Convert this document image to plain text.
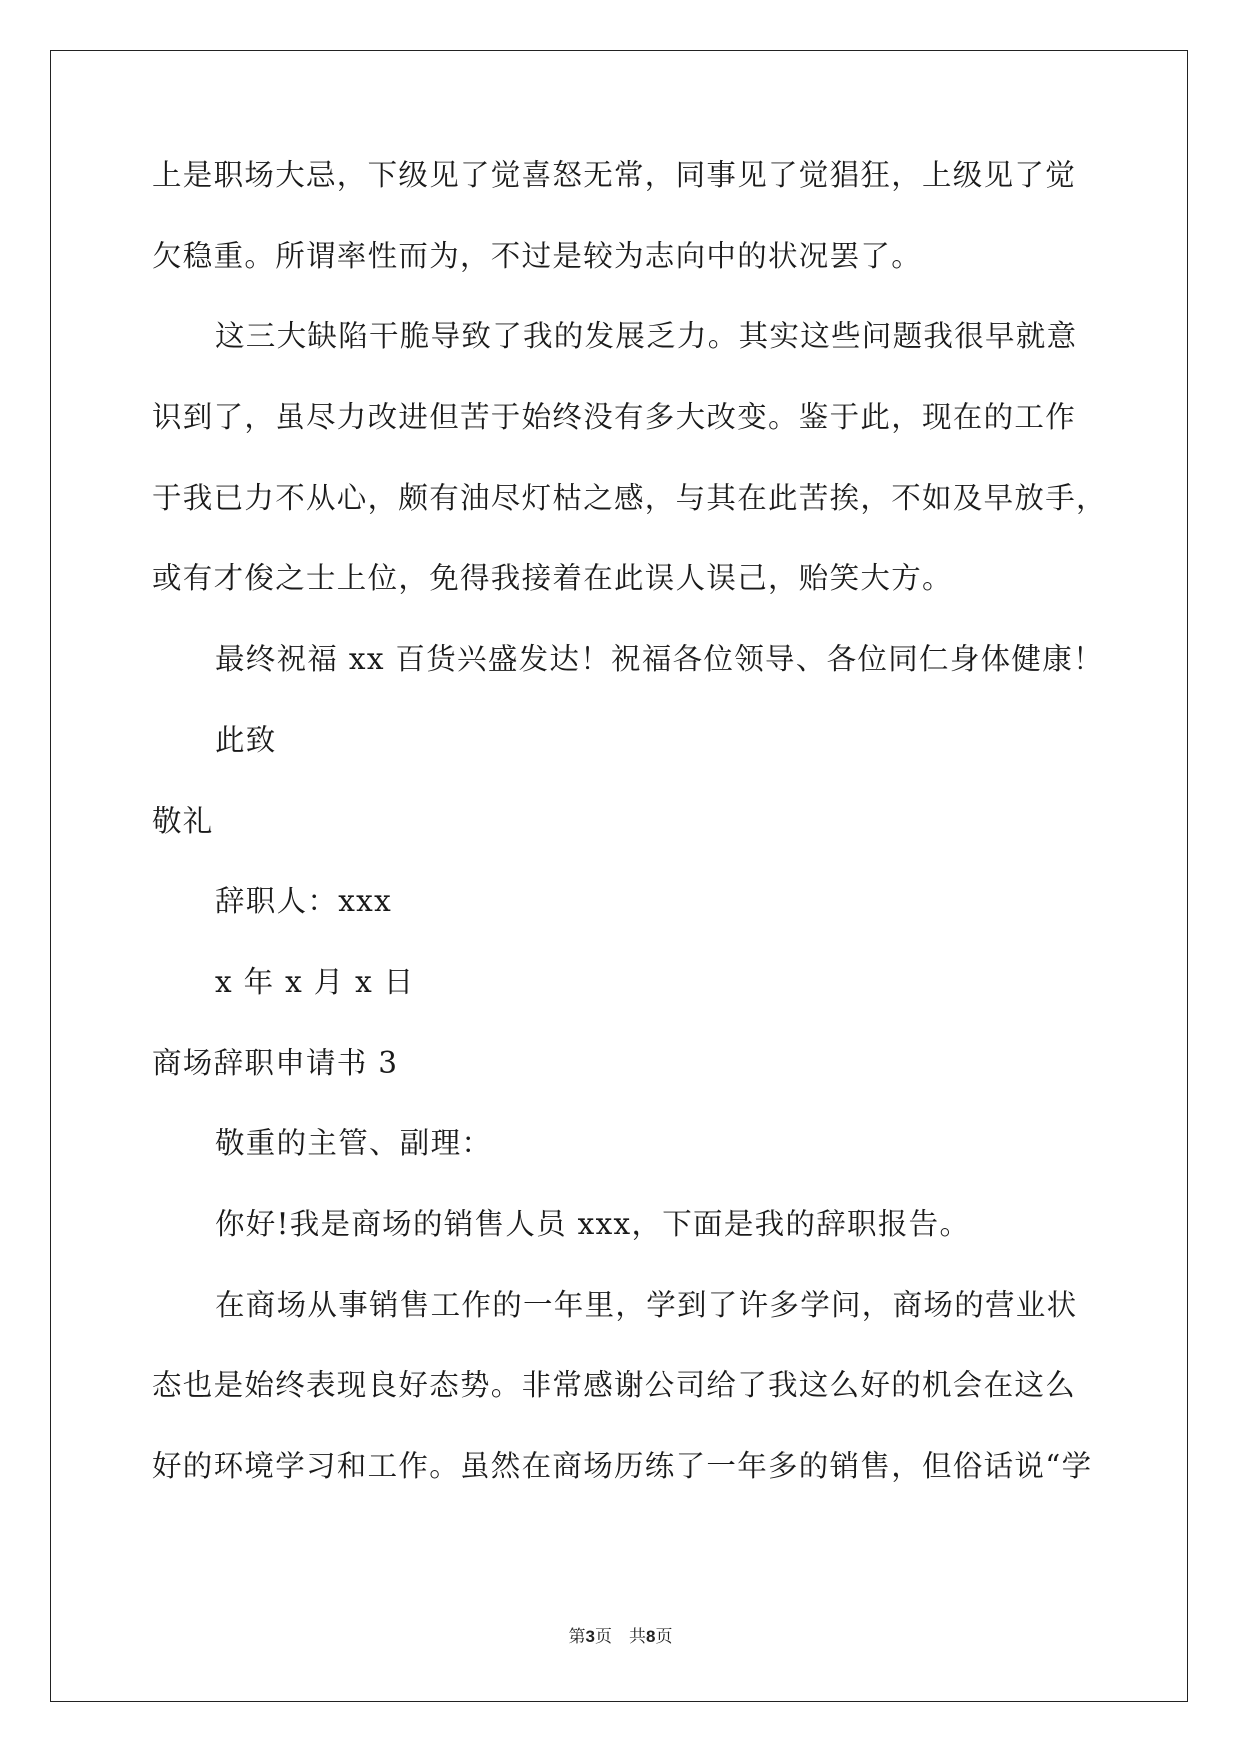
上是职场大忌，下级见了觉喜怒无常，同事见了觉猖狂，上级见了觉
欠稳重。所谓率性而为，不过是较为志向中的状况罢了。
这三大缺陷干脆导致了我的发展乏力。其实这些问题我很早就意
识到了，虽尽力改进但苦于始终没有多大改变。鉴于此，现在的工作
于我已力不从心，颇有油尽灯枯之感，与其在此苦挨，不如及早放手，
或有才俊之士上位，免得我接着在此误人误己，贻笑大方。
最终祝福 xx 百货兴盛发达！祝福各位领导、各位同仁身体健康！
此致
敬礼
辞职人：xxx
x 年 x 月 x 日
商场辞职申请书 3
敬重的主管、副理：
你好!我是商场的销售人员 xxx，下面是我的辞职报告。
在商场从事销售工作的一年里，学到了许多学问，商场的营业状
态也是始终表现良好态势。非常感谢公司给了我这么好的机会在这么
好的环境学习和工作。虽然在商场历练了一年多的销售，但俗话说“学
第3页　共8页
